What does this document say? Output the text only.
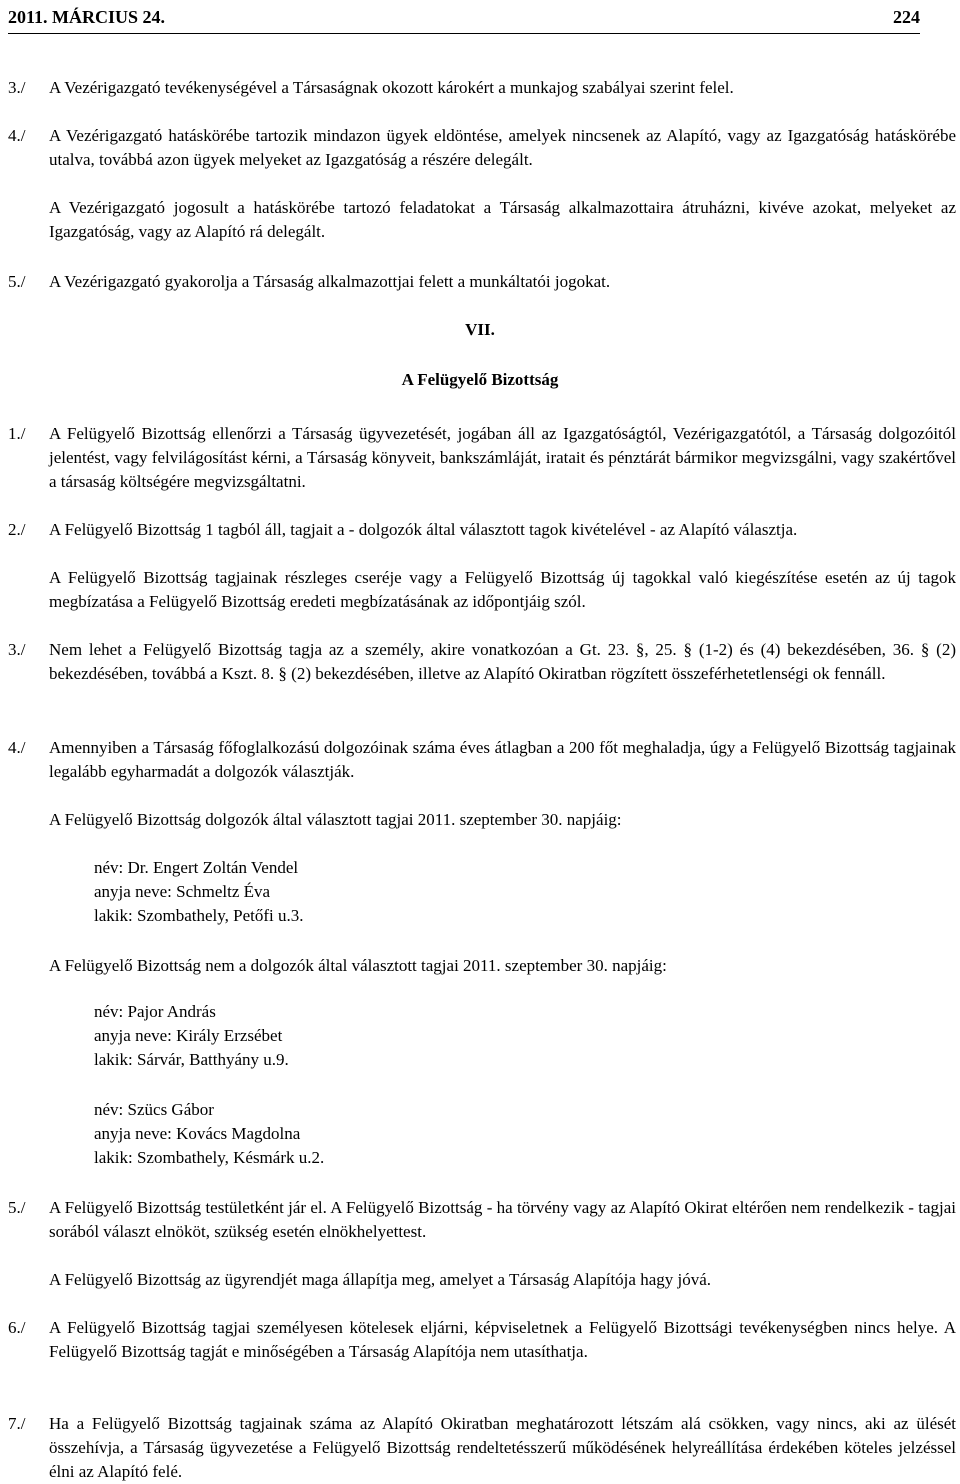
2011. MÁRCIUS 24.	224
3./ A Vezérigazgató tevékenységével a Társaságnak okozott károkért a munkajog szabályai szerint felel.
4./ A Vezérigazgató hatáskörébe tartozik mindazon ügyek eldöntése, amelyek nincsenek az Alapító, vagy az Igazgatóság hatáskörébe utalva, továbbá azon ügyek melyeket az Igazgatóság a részére delegált.
A Vezérigazgató jogosult a hatáskörébe tartozó feladatokat a Társaság alkalmazottaira átruházni, kivéve azokat, melyeket az Igazgatóság, vagy az Alapító rá delegált.
5./ A Vezérigazgató gyakorolja a Társaság alkalmazottjai felett a munkáltatói jogokat.
VII.
A Felügyelő Bizottság
1./ A Felügyelő Bizottság ellenőrzi a Társaság ügyvezetését, jogában áll az Igazgatóságtól, Vezérigazgatótól, a Társaság dolgozóitól jelentést, vagy felvilágosítást kérni, a Társaság könyveit, bankszámláját, iratait és pénztárát bármikor megvizsgálni, vagy szakértővel a társaság költségére megvizsgáltatni.
2./ A Felügyelő Bizottság 1 tagból áll, tagjait a - dolgozók által választott tagok kivételével - az Alapító választja.
A Felügyelő Bizottság tagjainak részleges cseréje vagy a Felügyelő Bizottság új tagokkal való kiegészítése esetén az új tagok megbízatása a Felügyelő Bizottság eredeti megbízatásának az időpontjáig szól.
3./ Nem lehet a Felügyelő Bizottság tagja az a személy, akire vonatkozóan a Gt. 23. §, 25. § (1-2) és (4) bekezdésében, 36. § (2) bekezdésében, továbbá a Kszt. 8. § (2) bekezdésében, illetve az Alapító Okiratban rögzített összeférhetetlenségi ok fennáll.
4./ Amennyiben a Társaság főfoglalkozású dolgozóinak száma éves átlagban a 200 főt meghaladja, úgy a Felügyelő Bizottság tagjainak legalább egyharmadát a dolgozók választják.
A Felügyelő Bizottság dolgozók által választott tagjai 2011. szeptember 30. napjáig:
név: Dr. Engert Zoltán Vendel
anyja neve: Schmeltz Éva
lakik: Szombathely, Petőfi u.3.
A Felügyelő Bizottság nem a dolgozók által választott tagjai 2011. szeptember 30. napjáig:
név: Pajor András
anyja neve: Király Erzsébet
lakik: Sárvár, Batthyány u.9.
név: Szücs Gábor
anyja neve: Kovács Magdolna
lakik: Szombathely, Késmárk u.2.
5./ A Felügyelő Bizottság testületként jár el. A Felügyelő Bizottság - ha törvény vagy az Alapító Okirat eltérően nem rendelkezik - tagjai sorából választ elnököt, szükség esetén elnökhelyettest.
A Felügyelő Bizottság az ügyrendjét maga állapítja meg, amelyet a Társaság Alapítója hagy jóvá.
6./ A Felügyelő Bizottság tagjai személyesen kötelesek eljárni, képviseletnek a Felügyelő Bizottsági tevékenységben nincs helye. A Felügyelő Bizottság tagját e minőségében a Társaság Alapítója nem utasíthatja.
7./ Ha a Felügyelő Bizottság tagjainak száma az Alapító Okiratban meghatározott létszám alá csökken, vagy nincs, aki az ülését összehívja, a Társaság ügyvezetése a Felügyelő Bizottság rendeltetésszerű működésének helyreállítása érdekében köteles jelzéssel élni az Alapító felé.
